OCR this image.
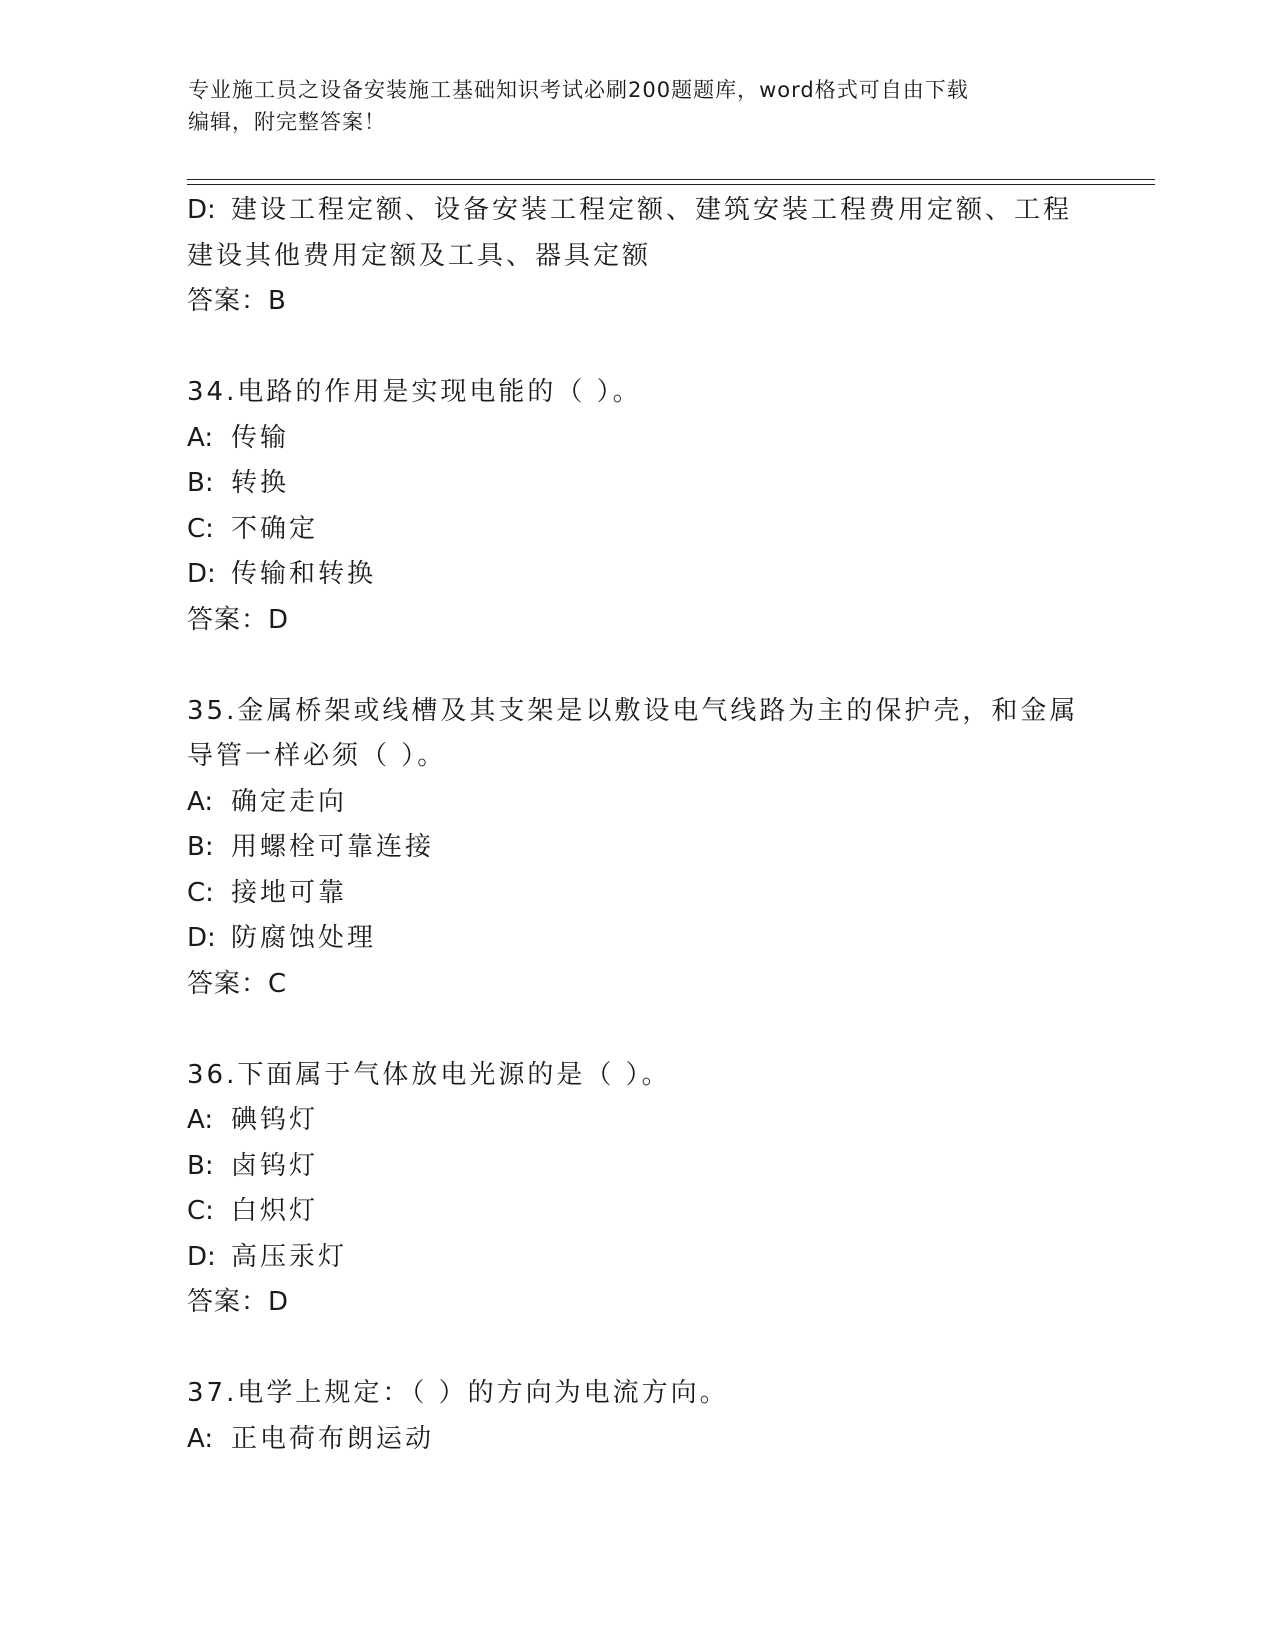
专业施工员之设备安装施工基础知识考试必刷200题题库，word格式可自由下载
编辑，附完整答案！
D: 建设工程定额、设备安装工程定额、建筑安装工程费用定额、工程
建设其他费用定额及工具、器具定额
答案：B
34.电路的作用是实现电能的（ ）。
A: 传输
B: 转换
C: 不确定
D: 传输和转换
答案：D
35.金属桥架或线槽及其支架是以敷设电气线路为主的保护壳，和金属
导管一样必须（ ）。
A: 确定走向
B: 用螺栓可靠连接
C: 接地可靠
D: 防腐蚀处理
答案：C
36.下面属于气体放电光源的是（ ）。
A: 碘钨灯
B: 卤钨灯
C: 白炽灯
D: 高压汞灯
答案：D
37.电学上规定：（ ）的方向为电流方向。
A: 正电荷布朗运动
